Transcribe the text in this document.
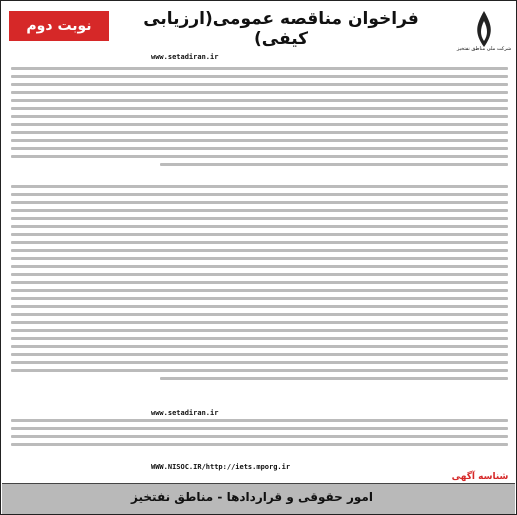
شرکت ملی مناطق نفتخیز
فراخوان مناقصه عمومی(ارزیابی کیفی)
نوبت دوم
www.setadiran.ir
www.setadiran.ir
WWW.NISOC.IR/http://iets.mporg.ir
شناسه آگهی
امور حقوقی و قراردادها - مناطق نفتخیز
